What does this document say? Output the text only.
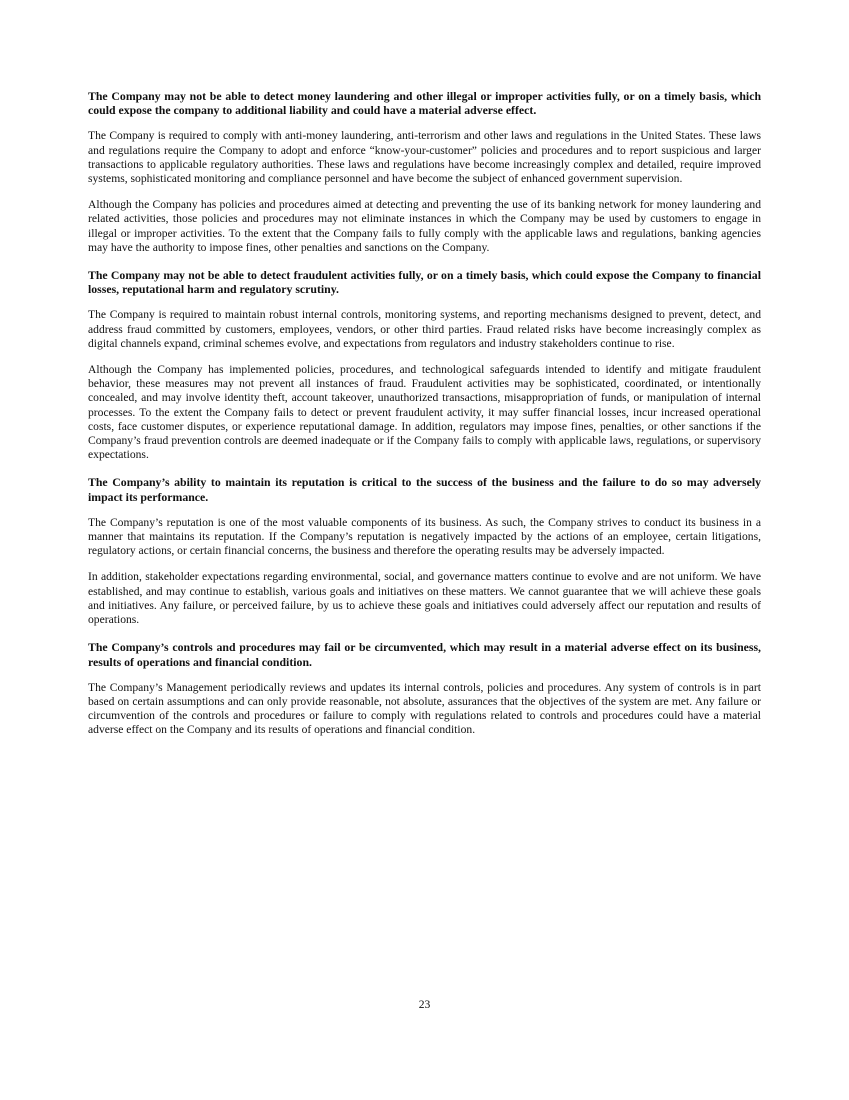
The Company may not be able to detect money laundering and other illegal or improper activities fully, or on a timely basis, which could expose the company to additional liability and could have a material adverse effect.
The Company is required to comply with anti-money laundering, anti-terrorism and other laws and regulations in the United States. These laws and regulations require the Company to adopt and enforce “know-your-customer” policies and procedures and to report suspicious and larger transactions to applicable regulatory authorities. These laws and regulations have become increasingly complex and detailed, require improved systems, sophisticated monitoring and compliance personnel and have become the subject of enhanced government supervision.
Although the Company has policies and procedures aimed at detecting and preventing the use of its banking network for money laundering and related activities, those policies and procedures may not eliminate instances in which the Company may be used by customers to engage in illegal or improper activities. To the extent that the Company fails to fully comply with the applicable laws and regulations, banking agencies may have the authority to impose fines, other penalties and sanctions on the Company.
The Company may not be able to detect fraudulent activities fully, or on a timely basis, which could expose the Company to financial losses, reputational harm and regulatory scrutiny.
The Company is required to maintain robust internal controls, monitoring systems, and reporting mechanisms designed to prevent, detect, and address fraud committed by customers, employees, vendors, or other third parties. Fraud related risks have become increasingly complex as digital channels expand, criminal schemes evolve, and expectations from regulators and industry stakeholders continue to rise.
Although the Company has implemented policies, procedures, and technological safeguards intended to identify and mitigate fraudulent behavior, these measures may not prevent all instances of fraud. Fraudulent activities may be sophisticated, coordinated, or intentionally concealed, and may involve identity theft, account takeover, unauthorized transactions, misappropriation of funds, or manipulation of internal processes. To the extent the Company fails to detect or prevent fraudulent activity, it may suffer financial losses, incur increased operational costs, face customer disputes, or experience reputational damage. In addition, regulators may impose fines, penalties, or other sanctions if the Company’s fraud prevention controls are deemed inadequate or if the Company fails to comply with applicable laws, regulations, or supervisory expectations.
The Company’s ability to maintain its reputation is critical to the success of the business and the failure to do so may adversely impact its performance.
The Company’s reputation is one of the most valuable components of its business. As such, the Company strives to conduct its business in a manner that maintains its reputation. If the Company’s reputation is negatively impacted by the actions of an employee, certain litigations, regulatory actions, or certain financial concerns, the business and therefore the operating results may be adversely impacted.
In addition, stakeholder expectations regarding environmental, social, and governance matters continue to evolve and are not uniform. We have established, and may continue to establish, various goals and initiatives on these matters. We cannot guarantee that we will achieve these goals and initiatives. Any failure, or perceived failure, by us to achieve these goals and initiatives could adversely affect our reputation and results of operations.
The Company’s controls and procedures may fail or be circumvented, which may result in a material adverse effect on its business, results of operations and financial condition.
The Company’s Management periodically reviews and updates its internal controls, policies and procedures. Any system of controls is in part based on certain assumptions and can only provide reasonable, not absolute, assurances that the objectives of the system are met. Any failure or circumvention of the controls and procedures or failure to comply with regulations related to controls and procedures could have a material adverse effect on the Company and its results of operations and financial condition.
23
